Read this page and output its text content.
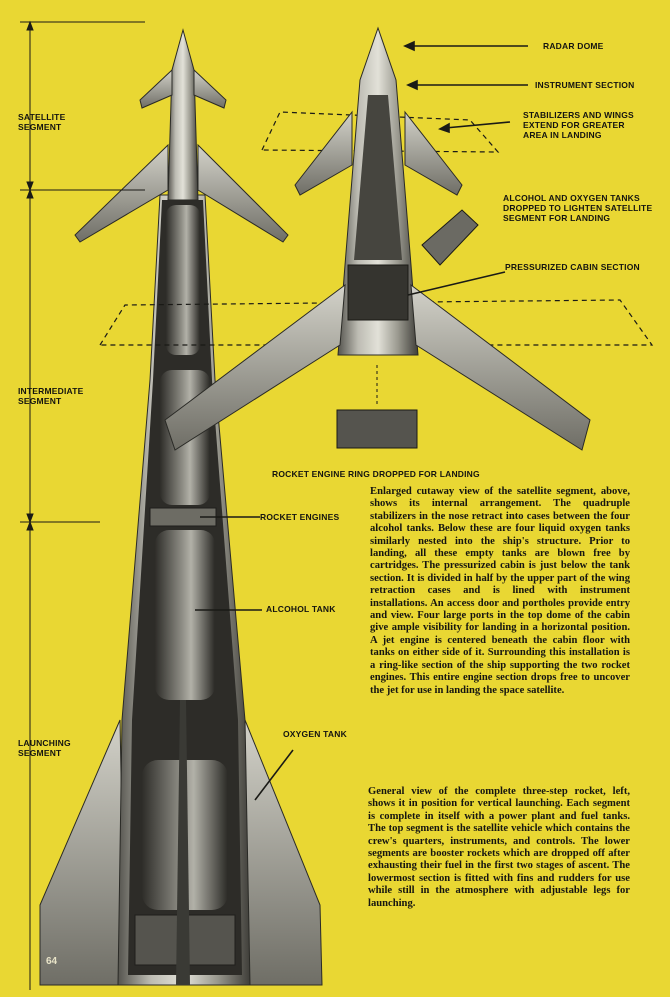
SATELLITE SEGMENT
INTERMEDIATE SEGMENT
LAUNCHING SEGMENT
RADAR DOME
INSTRUMENT SECTION
STABILIZERS AND WINGS EXTEND FOR GREATER AREA IN LANDING
ALCOHOL AND OXYGEN TANKS DROPPED TO LIGHTEN SATELLITE SEGMENT FOR LANDING
PRESSURIZED CABIN SECTION
ROCKET ENGINE RING DROPPED FOR LANDING
ROCKET ENGINES
ALCOHOL TANK
OXYGEN TANK
Enlarged cutaway view of the satellite segment, above, shows its internal arrangement. The quadruple stabilizers in the nose retract into cases between the four alcohol tanks. Below these are four liquid oxygen tanks similarly nested into the ship's structure. Prior to landing, all these empty tanks are blown free by cartridges. The pressurized cabin is just below the tank section. It is divided in half by the upper part of the wing retraction cases and is lined with instrument installations. An access door and portholes provide entry and view. Four large ports in the top dome of the cabin give ample visibility for landing in a horizontal position. A jet engine is centered beneath the cabin floor with tanks on either side of it. Surrounding this installation is a ring-like section of the ship supporting the two rocket engines. This entire engine section drops free to uncover the jet for use in landing the space satellite.
General view of the complete three-step rocket, left, shows it in position for vertical launching. Each segment is complete in itself with a power plant and fuel tanks. The top segment is the satellite vehicle which contains the crew's quarters, instruments, and controls. The lower segments are booster rockets which are dropped off after exhausting their fuel in the first two stages of ascent. The lowermost section is fitted with fins and rudders for use while still in the atmosphere with adjustable legs for launching.
64
